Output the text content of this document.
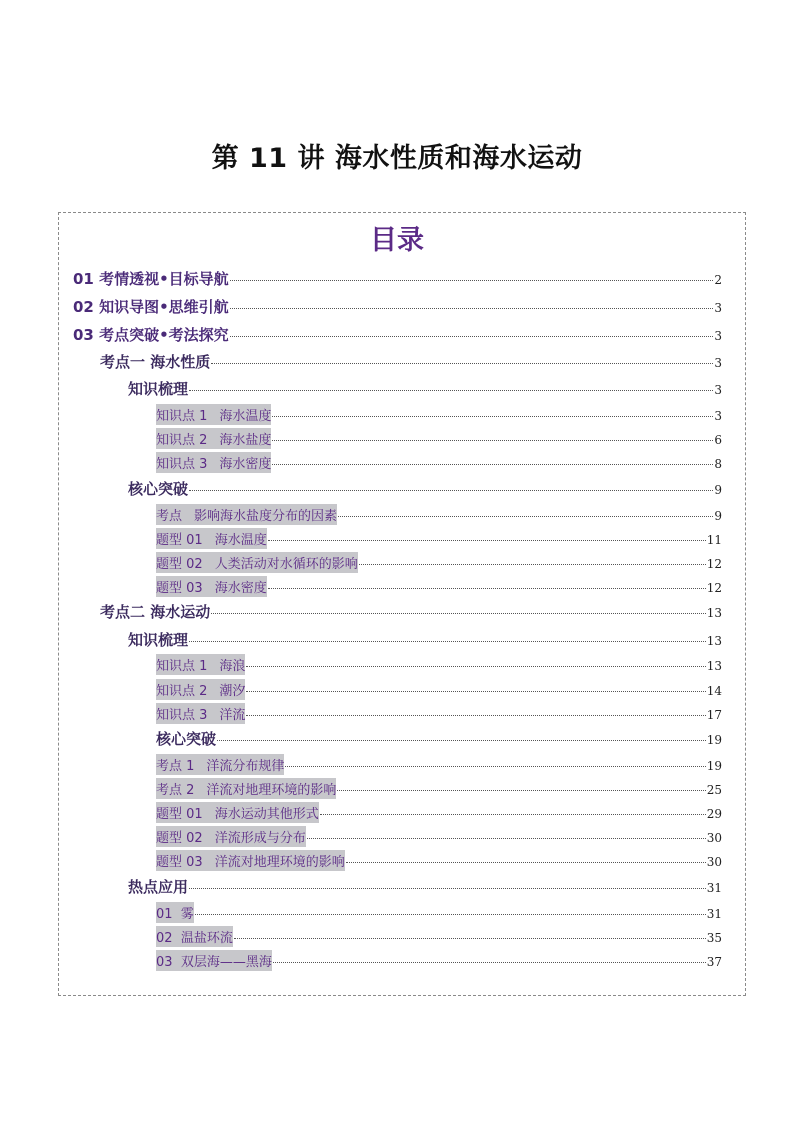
第 11 讲 海水性质和海水运动
目录
01 考情透视•目标导航	2
02 知识导图•思维引航	3
03 考点突破•考法探究	3
考点一 海水性质	3
知识梳理	3
知识点 1 海水温度	3
知识点 2 海水盐度	6
知识点 3 海水密度	8
核心突破	9
考点 影响海水盐度分布的因素	9
题型 01 海水温度	11
题型 02 人类活动对水循环的影响	12
题型 03 海水密度	12
考点二 海水运动	13
知识梳理	13
知识点 1 海浪	13
知识点 2 潮汐	14
知识点 3 洋流	17
核心突破	19
考点 1 洋流分布规律	19
考点 2 洋流对地理环境的影响	25
题型 01 海水运动其他形式	29
题型 02 洋流形成与分布	30
题型 03 洋流对地理环境的影响	30
热点应用	31
01 雾	31
02 温盐环流	35
03 双层海——黑海	37
